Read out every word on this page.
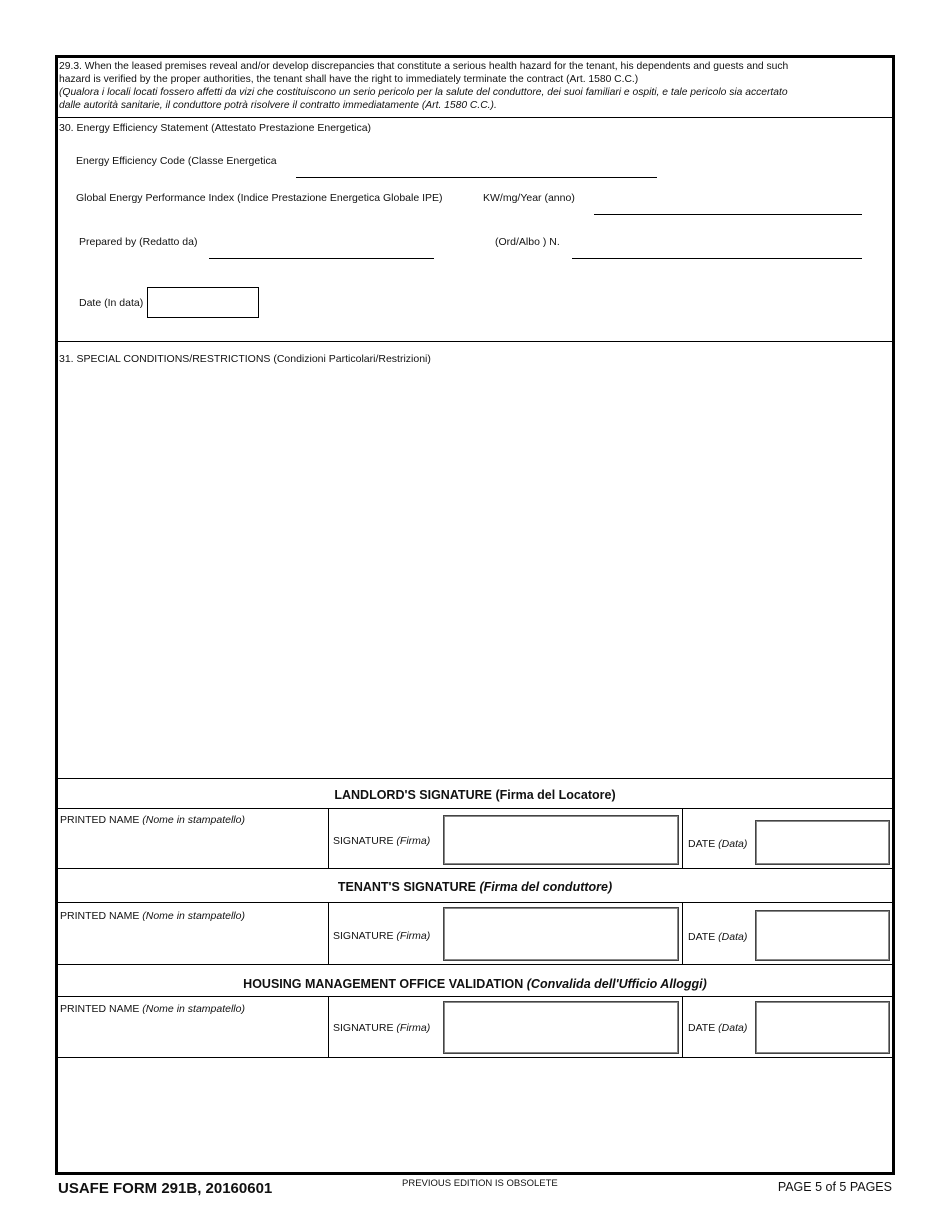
29.3. When the leased premises reveal and/or develop discrepancies that constitute a serious health hazard for the tenant, his dependents and guests and such

hazard is verified by the proper authorities, the tenant shall have the right to immediately terminate the contract (Art. 1580 C.C.)

(Qualora i locali locati fossero affetti da vizi che costituiscono un serio pericolo per la salute del conduttore, dei suoi familiari e ospiti, e tale pericolo sia accertato

dalle autorità sanitarie, il conduttore potrà risolvere il contratto immediatamente (Art. 1580 C.C.).

30. Energy Efficiency Statement (Attestato Prestazione Energetica)
Energy Efficiency Code (Classe Energetica
Global Energy Performance Index (Indice Prestazione Energetica Globale IPE)	KW/mg/Year (anno)
Prepared by (Redatto da)	(Ord/Albo ) N.
Date (In data)
31. SPECIAL CONDITIONS/RESTRICTIONS (Condizioni Particolari/Restrizioni)
LANDLORD'S SIGNATURE (Firma del Locatore)
PRINTED NAME (Nome in stampatello)
SIGNATURE (Firma)	DATE (Data)
TENANT'S SIGNATURE (Firma del conduttore)
PRINTED NAME (Nome in stampatello)
SIGNATURE (Firma)	DATE (Data)
HOUSING MANAGEMENT OFFICE VALIDATION (Convalida dell'Ufficio Alloggi)
PRINTED NAME (Nome in stampatello)
SIGNATURE (Firma)	DATE (Data)
USAFE FORM 291B, 20160601	PREVIOUS EDITION IS OBSOLETE	PAGE 5 of 5 PAGES
